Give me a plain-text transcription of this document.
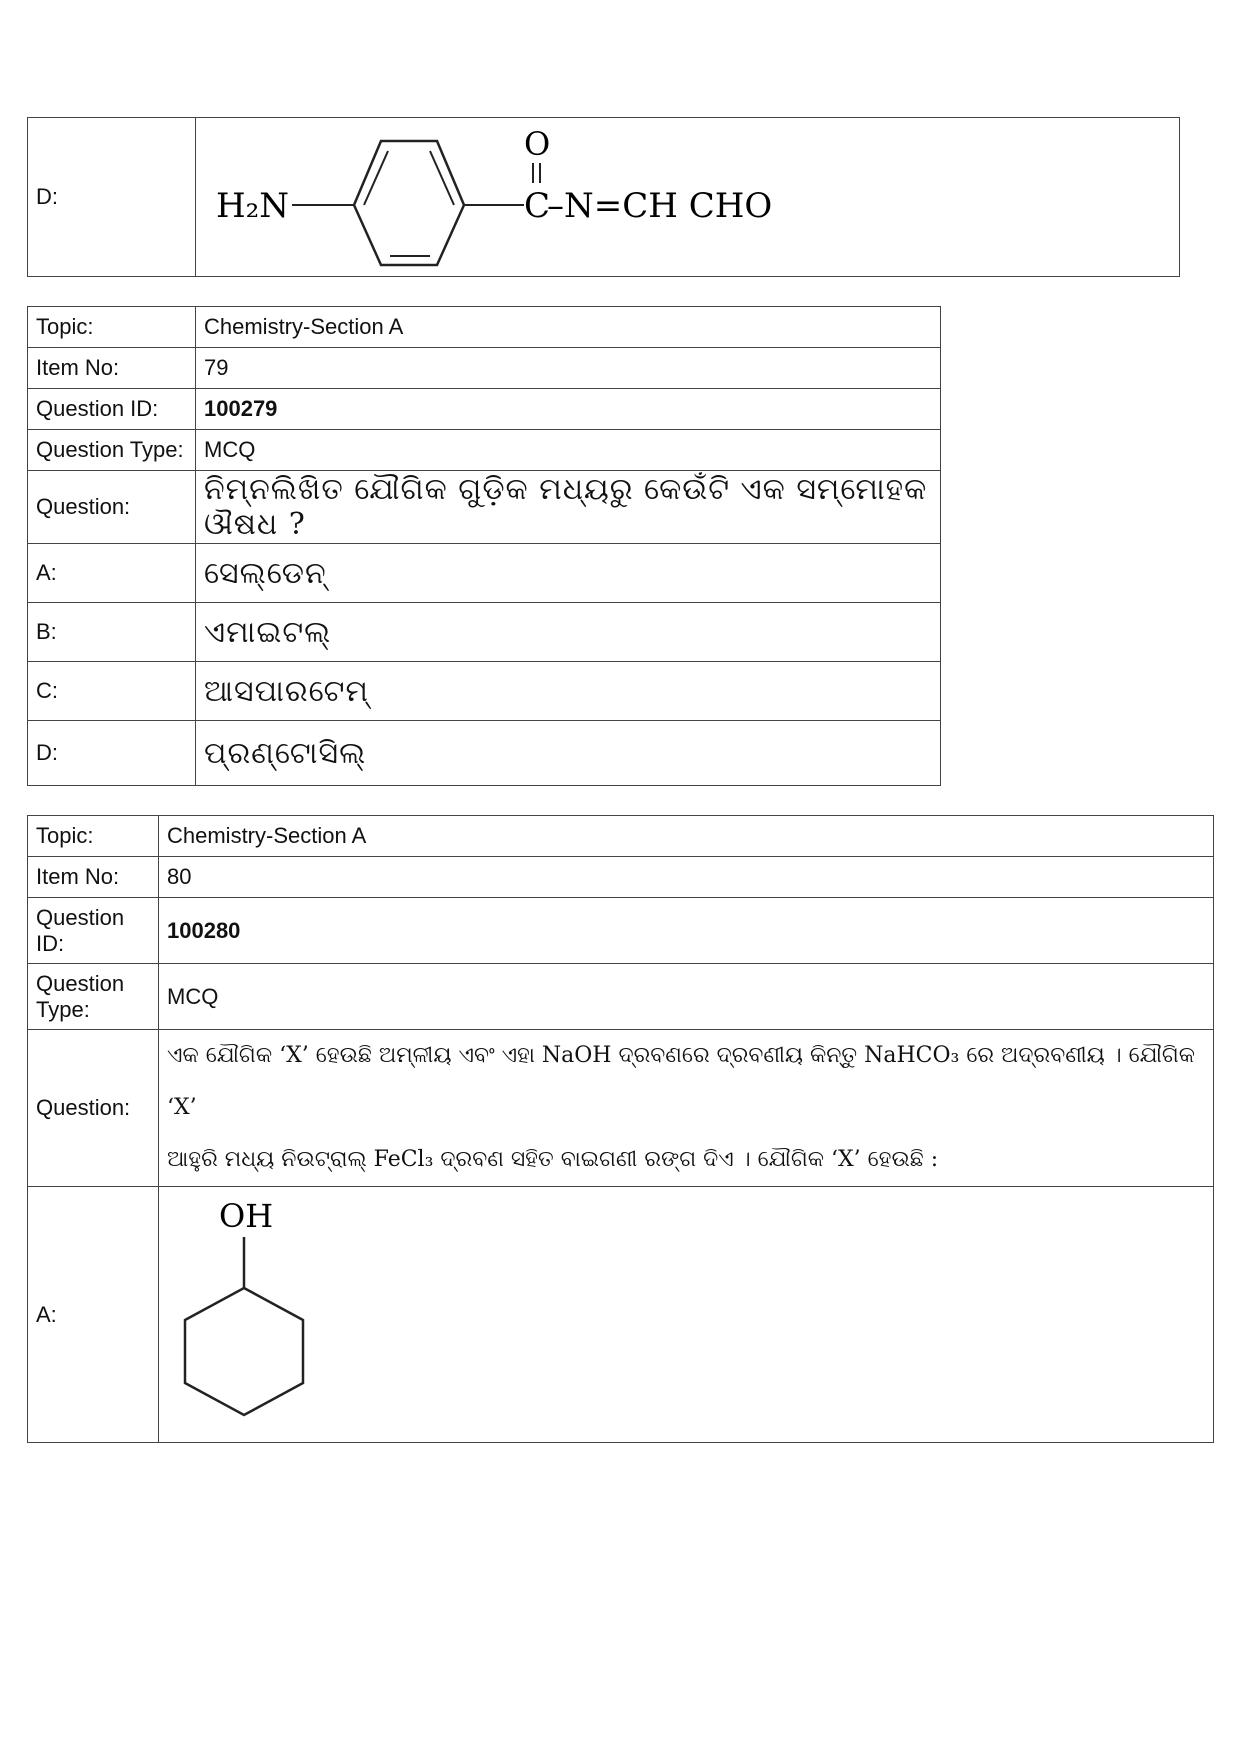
D:	H₂N
O
C
–N=CH CHO
Topic:	Chemistry-Section A
Item No:	79
Question ID:	100279
Question Type:	MCQ
Question:	ନିମ୍ନଲିଖିତ ଯୌଗିକ ଗୁଡ଼ିକ ମଧ୍ୟରୁ କେଉଁଟି ଏକ ସମ୍ମୋହକ ଔଷଧ ?
A:	ସେଲ୍‌ଡେନ୍
B:	ଏମାଇଟଲ୍
C:	ଆସପାରଟେମ୍
D:	ପ୍ରଣ୍ଟୋସିଲ୍
Topic:	Chemistry-Section A
Item No:	80
Question ID:	100280
Question Type:	MCQ
Question:	ଏକ ଯୌଗିକ ‘X’ ହେଉଛି ଅମ୍ଳୀୟ ଏବଂ ଏହା NaOH ଦ୍ରବଣରେ ଦ୍ରବଣୀୟ କିନ୍ତୁ NaHCO₃ ରେ ଅଦ୍ରବଣୀୟ । ଯୌଗିକ ‘X’
ଆହୁରି ମଧ୍ୟ ନିଉଟ୍ରାଲ୍ FeCl₃ ଦ୍ରବଣ ସହିତ ବାଇଗଣୀ ରଙ୍ଗ ଦିଏ । ଯୌଗିକ ‘X’ ହେଉଛି :

A:	OH
